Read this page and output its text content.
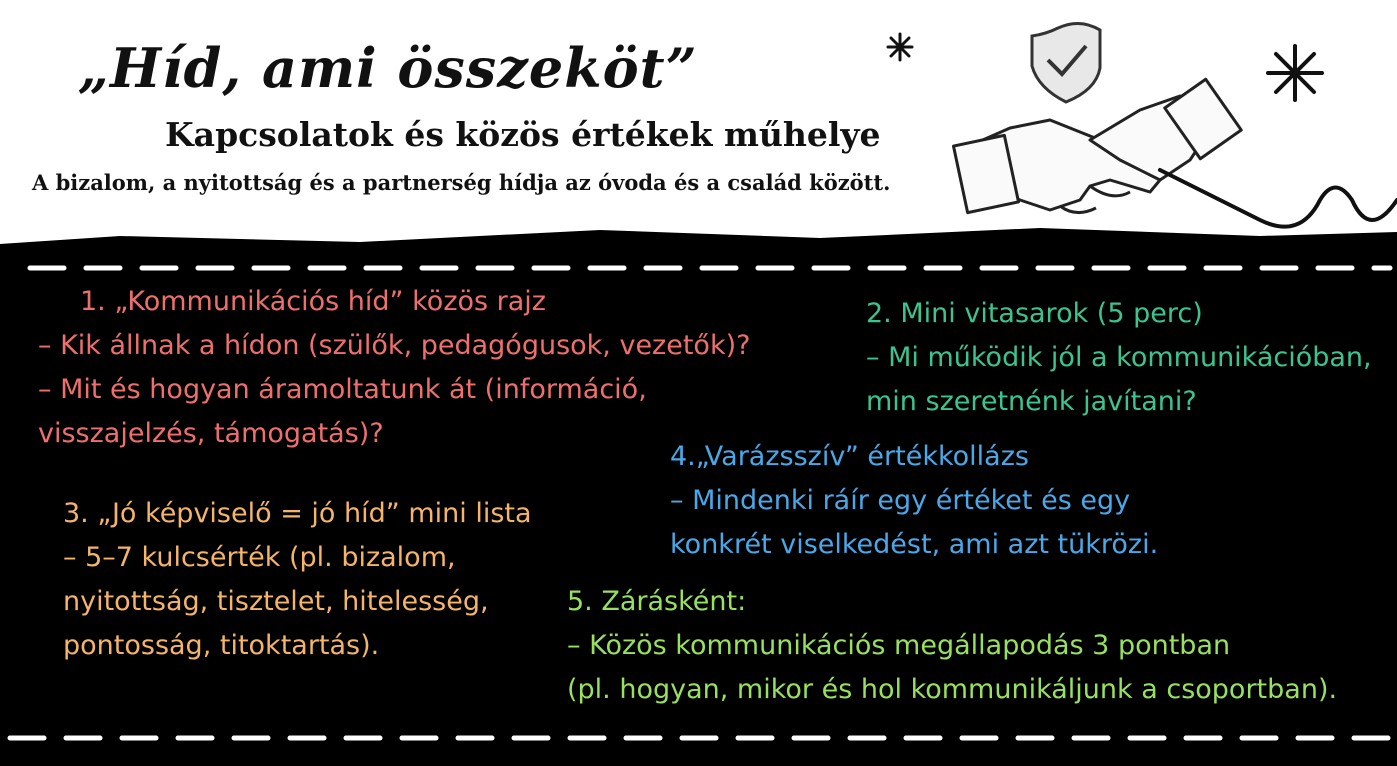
„Híd, ami összeköt”
Kapcsolatok és közös értékek műhelye
A bizalom, a nyitottság és a partnerség hídja az óvoda és a család között.
1. „Kommunikációs híd” közös rajz
– Kik állnak a hídon (szülők, pedagógusok, vezetők)?
– Mit és hogyan áramoltatunk át (információ,
visszajelzés, támogatás)?
2. Mini vitasarok (5 perc)
– Mi működik jól a kommunikációban,
min szeretnénk javítani?
3. „Jó képviselő = jó híd” mini lista
– 5–7 kulcsérték (pl. bizalom,
nyitottság, tisztelet, hitelesség,
pontosság, titoktartás).
4.„Varázsszív” értékkollázs
– Mindenki ráír egy értéket és egy
konkrét viselkedést, ami azt tükrözi.
5. Zárásként:
– Közös kommunikációs megállapodás 3 pontban
(pl. hogyan, mikor és hol kommunikáljunk a csoportban).
